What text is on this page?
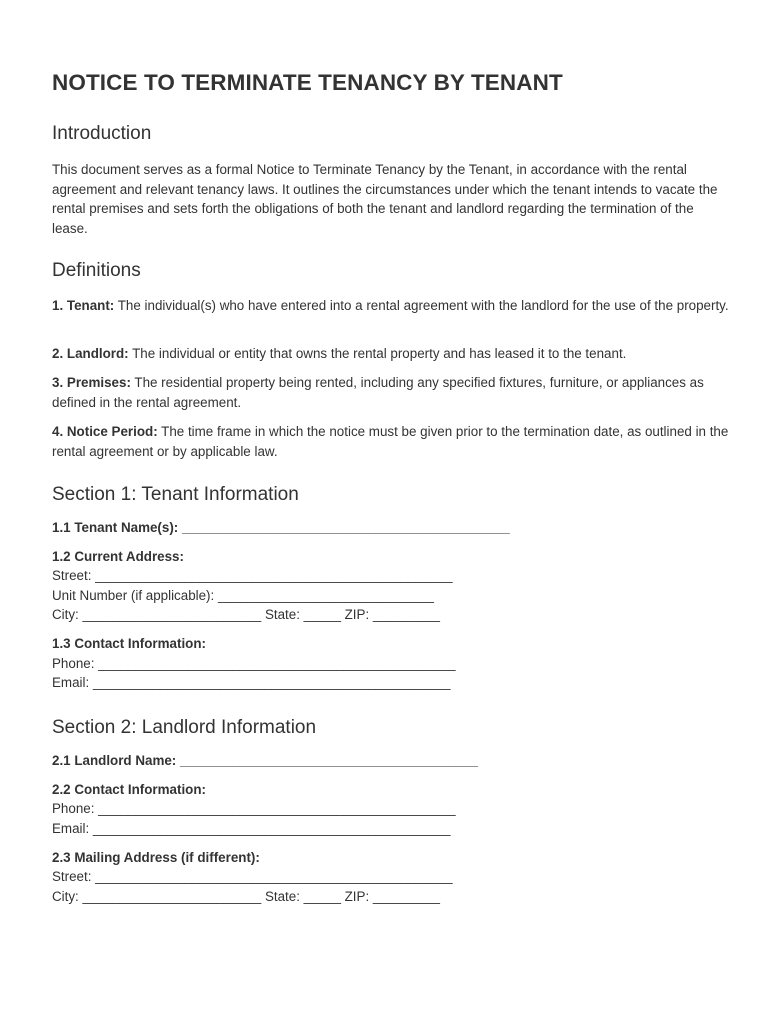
NOTICE TO TERMINATE TENANCY BY TENANT
Introduction

This document serves as a formal Notice to Terminate Tenancy by the Tenant, in accordance with the rental agreement and relevant tenancy laws. It outlines the circumstances under which the tenant intends to vacate the rental premises and sets forth the obligations of both the tenant and landlord regarding the termination of the lease.

Definitions

1. Tenant: The individual(s) who have entered into a rental agreement with the landlord for the use of the property.

2. Landlord: The individual or entity that owns the rental property and has leased it to the tenant.

3. Premises: The residential property being rented, including any specified fixtures, furniture, or appliances as defined in the rental agreement.

4. Notice Period: The time frame in which the notice must be given prior to the termination date, as outlined in the rental agreement or by applicable law.

Section 1: Tenant Information

1.1 Tenant Name(s): ____________________________________________

1.2 Current Address:

Street: ________________________________________________

Unit Number (if applicable): _____________________________

City: ________________________ State: _____ ZIP: _________

1.3 Contact Information:

Phone: ________________________________________________

Email: ________________________________________________

Section 2: Landlord Information

2.1 Landlord Name: ________________________________________

2.2 Contact Information:

Phone: ________________________________________________

Email: ________________________________________________

2.3 Mailing Address (if different):

Street: ________________________________________________

City: ________________________ State: _____ ZIP: _________
